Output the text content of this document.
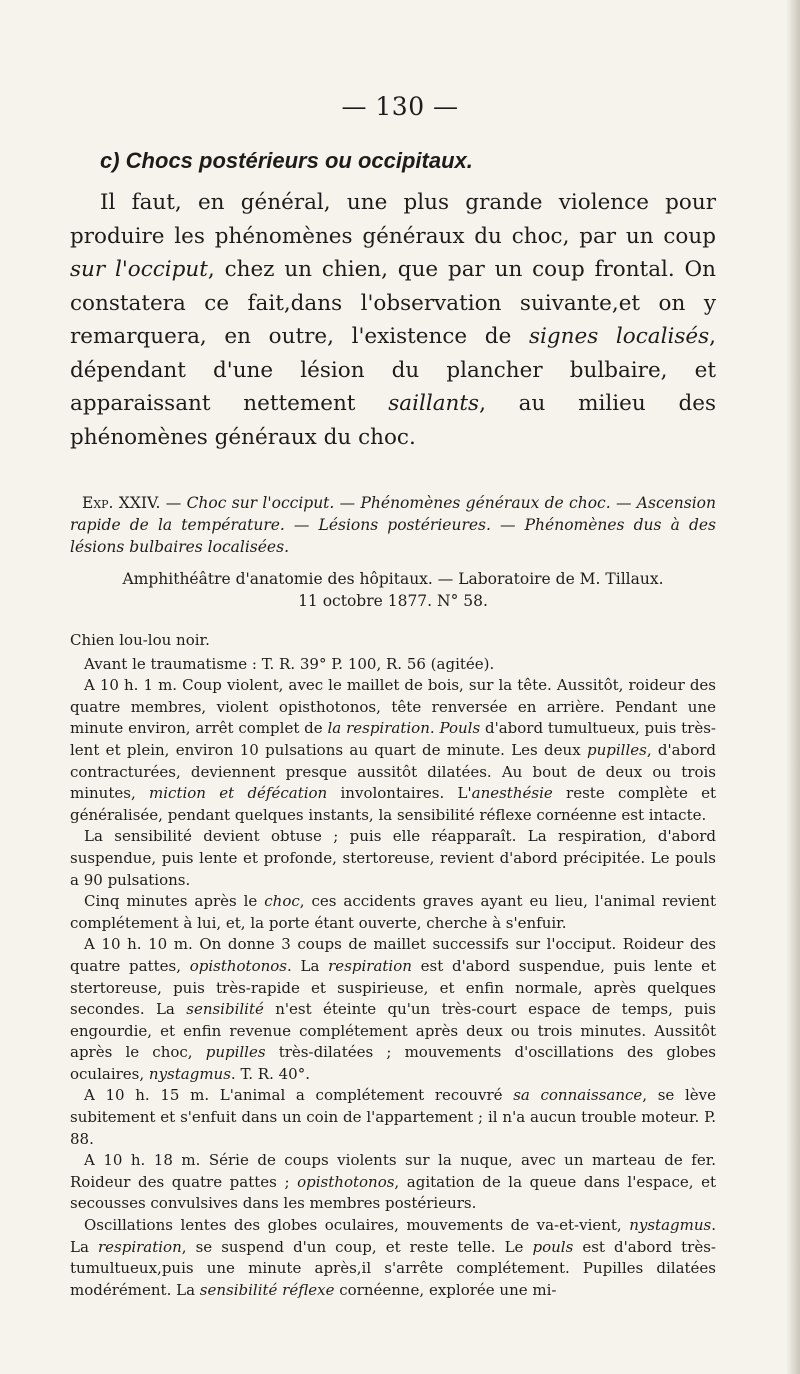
— 130 —
c) Chocs postérieurs ou occipitaux.

Il faut, en général, une plus grande violence pour produire les phénomènes généraux du choc, par un coup sur l'occiput, chez un chien, que par un coup frontal. On constatera ce fait,dans l'observation suivante,et on y remarquera, en outre, l'existence de signes localisés, dépendant d'une lésion du plancher bulbaire, et apparaissant nettement saillants, au milieu des phénomènes généraux du choc.

Exp. XXIV. — Choc sur l'occiput. — Phénomènes généraux de choc. — Ascension rapide de la température. — Lésions postérieures. — Phénomènes dus à des lésions bulbaires localisées.

Amphithéâtre d'anatomie des hôpitaux. — Laboratoire de M. Tillaux.
11 octobre 1877. N° 58.

Chien lou-lou noir.

Avant le traumatisme : T. R. 39° P. 100, R. 56 (agitée).

A 10 h. 1 m. Coup violent, avec le maillet de bois, sur la tête. Aussitôt, roideur des quatre membres, violent opisthotonos, tête renversée en arrière. Pendant une minute environ, arrêt complet de la respiration. Pouls d'abord tumultueux, puis très-lent et plein, environ 10 pulsations au quart de minute. Les deux pupilles, d'abord contracturées, deviennent presque aussitôt dilatées. Au bout de deux ou trois minutes, miction et défécation involontaires. L'anesthésie reste complète et généralisée, pendant quelques instants, la sensibilité réflexe cornéenne est intacte.

La sensibilité devient obtuse ; puis elle réapparaît. La respiration, d'abord suspendue, puis lente et profonde, stertoreuse, revient d'abord précipitée. Le pouls a 90 pulsations.

Cinq minutes après le choc, ces accidents graves ayant eu lieu, l'animal revient complétement à lui, et, la porte étant ouverte, cherche à s'enfuir.

A 10 h. 10 m. On donne 3 coups de maillet successifs sur l'occiput. Roideur des quatre pattes, opisthotonos. La respiration est d'abord suspendue, puis lente et stertoreuse, puis très-rapide et suspirieuse, et enfin normale, après quelques secondes. La sensibilité n'est éteinte qu'un très-court espace de temps, puis engourdie, et enfin revenue complétement après deux ou trois minutes. Aussitôt après le choc, pupilles très-dilatées ; mouvements d'oscillations des globes oculaires, nystagmus. T. R. 40°.

A 10 h. 15 m. L'animal a complétement recouvré sa connaissance, se lève subitement et s'enfuit dans un coin de l'appartement ; il n'a aucun trouble moteur. P. 88.

A 10 h. 18 m. Série de coups violents sur la nuque, avec un marteau de fer. Roideur des quatre pattes ; opisthotonos, agitation de la queue dans l'espace, et secousses convulsives dans les membres postérieurs.

Oscillations lentes des globes oculaires, mouvements de va-et-vient, nystagmus. La respiration, se suspend d'un coup, et reste telle. Le pouls est d'abord très-tumultueux,puis une minute après,il s'arrête complétement. Pupilles dilatées modérément. La sensibilité réflexe cornéenne, explorée une mi-
